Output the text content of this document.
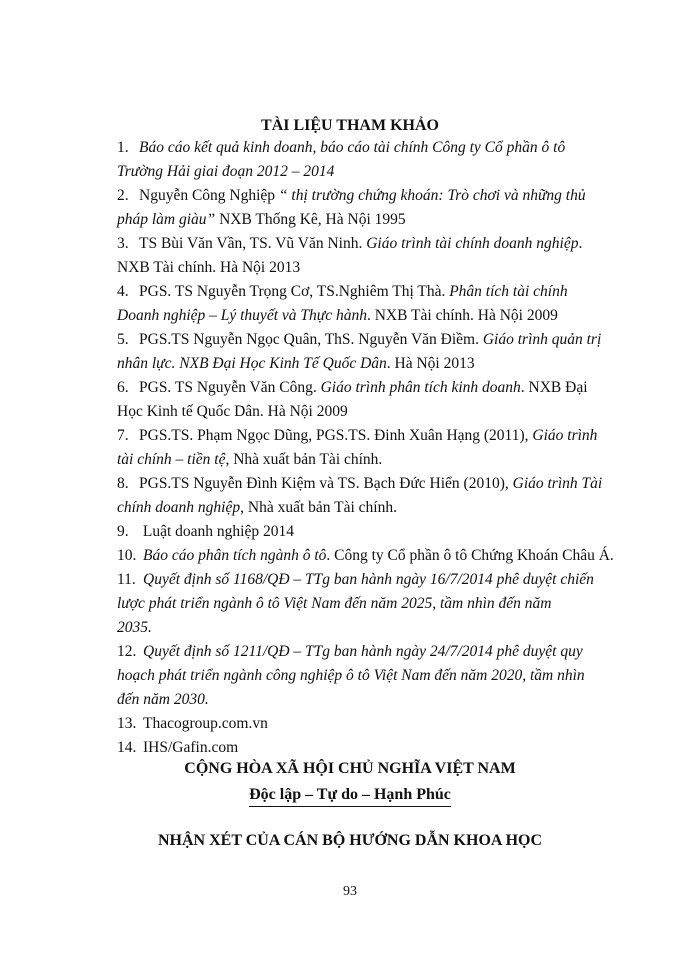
TÀI LIỆU THAM KHẢO
1.Báo cáo kết quả kinh doanh, báo cáo tài chính Công ty Cổ phần ô tô
Trường Hải giai đoạn 2012 – 2014
2.Nguyễn Công Nghiệp “ thị trường chứng khoán: Trò chơi và những thủ
pháp làm giàu” NXB Thống Kê, Hà Nội 1995
3.TS Bùi Văn Vần, TS. Vũ Văn Ninh. Giáo trình tài chính doanh nghiệp.
NXB Tài chính. Hà Nội 2013
4.PGS. TS Nguyễn Trọng Cơ, TS.Nghiêm Thị Thà. Phân tích tài chính
Doanh nghiệp – Lý thuyết và Thực hành. NXB Tài chính. Hà Nội 2009
5.PGS.TS Nguyễn Ngọc Quân, ThS. Nguyễn Văn Điềm. Giáo trình quản trị
nhân lực. NXB Đại Học Kinh Tế Quốc Dân. Hà Nội 2013
6.PGS. TS Nguyễn Văn Công. Giáo trình phân tích kinh doanh. NXB Đại
Học Kinh tế Quốc Dân. Hà Nội 2009
7.PGS.TS. Phạm Ngọc Dũng, PGS.TS. Đinh Xuân Hạng (2011), Giáo trình
tài chính – tiền tệ, Nhà xuất bản Tài chính.
8.PGS.TS Nguyễn Đình Kiệm và TS. Bạch Đức Hiển (2010), Giáo trình Tài
chính doanh nghiệp, Nhà xuất bản Tài chính.
9. Luật doanh nghiệp 2014
10.Báo cáo phân tích ngành ô tô. Công ty Cổ phần ô tô Chứng Khoán Châu Á.
11.Quyết định số 1168/QĐ – TTg ban hành ngày 16/7/2014 phê duyệt chiến
lược phát triển ngành ô tô Việt Nam đến năm 2025, tầm nhìn đến năm
2035.
12.Quyết định số 1211/QĐ – TTg ban hành ngày 24/7/2014 phê duyệt quy
hoạch phát triển ngành công nghiệp ô tô Việt Nam đến năm 2020, tầm nhìn
đến năm 2030.
13.Thacogroup.com.vn
14.IHS/Gafin.com
CỘNG HÒA XÃ HỘI CHỦ NGHĨA VIỆT NAM
Độc lập – Tự do – Hạnh Phúc
NHẬN XÉT CỦA CÁN BỘ HƯỚNG DẪN KHOA HỌC
93
